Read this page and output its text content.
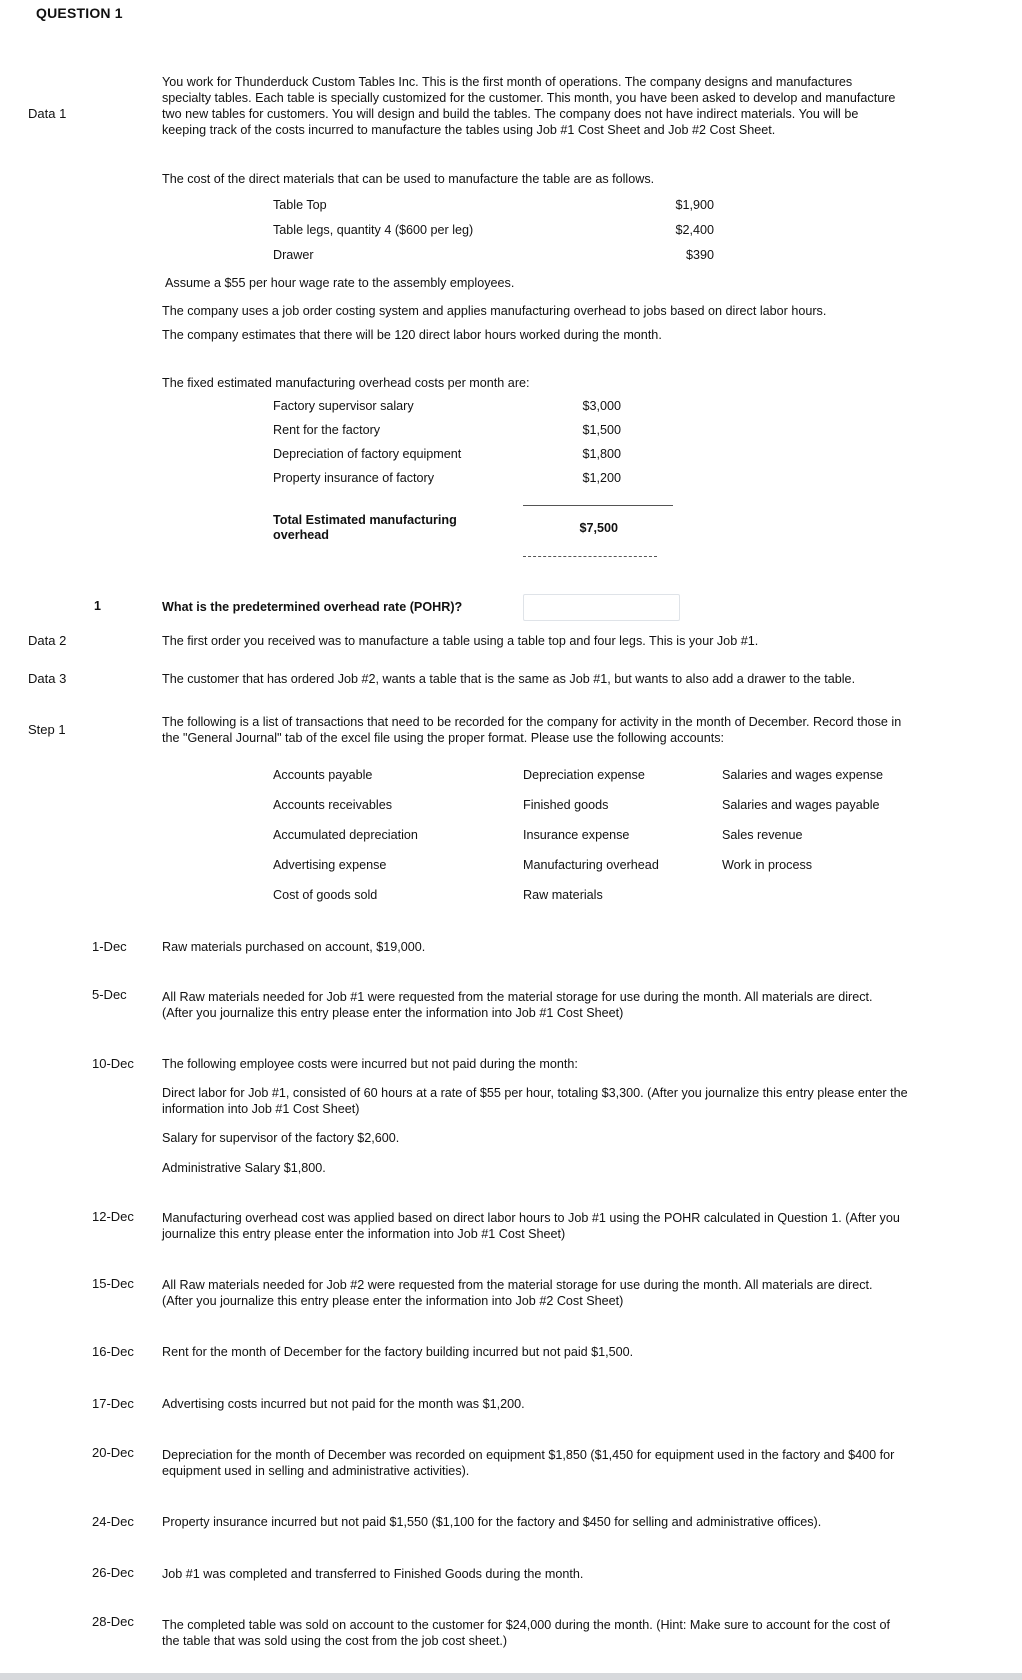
QUESTION 1
Data 1
You work for Thunderduck Custom Tables Inc. This is the first month of operations. The company designs and manufactures specialty tables. Each table is specially customized for the customer. This month, you have been asked to develop and manufacture two new tables for customers. You will design and build the tables. The company does not have indirect materials. You will be keeping track of the costs incurred to manufacture the tables using Job #1 Cost Sheet and Job #2 Cost Sheet.
The cost of the direct materials that can be used to manufacture the table are as follows.
Table Top	$1,900
Table legs, quantity 4 ($600 per leg)	$2,400
Drawer	$390
Assume a $55 per hour wage rate to the assembly employees.
The company uses a job order costing system and applies manufacturing overhead to jobs based on direct labor hours.
The company estimates that there will be 120 direct labor hours worked during the month.
The fixed estimated manufacturing overhead costs per month are:
Factory supervisor salary	$3,000
Rent for the factory	$1,500
Depreciation of factory equipment	$1,800
Property insurance of factory	$1,200
Total Estimated manufacturing overhead	$7,500
1	What is the predetermined overhead rate (POHR)?
Data 2	The first order you received was to manufacture a table using a table top and four legs. This is your Job #1.
Data 3	The customer that has ordered Job #2, wants a table that is the same as Job #1, but wants to also add a drawer to the table.
Step 1	The following is a list of transactions that need to be recorded for the company for activity in the month of December. Record those in the "General Journal" tab of the excel file using the proper format. Please use the following accounts:
Accounts payable
Accounts receivables
Accumulated depreciation
Advertising expense
Cost of goods sold
Depreciation expense
Finished goods
Insurance expense
Manufacturing overhead
Raw materials
Salaries and wages expense
Salaries and wages payable
Sales revenue
Work in process
1-Dec	Raw materials purchased on account, $19,000.
5-Dec	All Raw materials needed for Job #1 were requested from the material storage for use during the month. All materials are direct. (After you journalize this entry please enter the information into Job #1 Cost Sheet)
10-Dec The following employee costs were incurred but not paid during the month:
Direct labor for Job #1, consisted of 60 hours at a rate of $55 per hour, totaling $3,300. (After you journalize this entry please enter the information into Job #1 Cost Sheet)
Salary for supervisor of the factory $2,600.
Administrative Salary $1,800.
12-Dec Manufacturing overhead cost was applied based on direct labor hours to Job #1 using the POHR calculated in Question 1. (After you journalize this entry please enter the information into Job #1 Cost Sheet)
15-Dec All Raw materials needed for Job #2 were requested from the material storage for use during the month. All materials are direct. (After you journalize this entry please enter the information into Job #2 Cost Sheet)
16-Dec Rent for the month of December for the factory building incurred but not paid $1,500.
17-Dec Advertising costs incurred but not paid for the month was $1,200.
20-Dec Depreciation for the month of December was recorded on equipment $1,850 ($1,450 for equipment used in the factory and $400 for equipment used in selling and administrative activities).
24-Dec Property insurance incurred but not paid $1,550 ($1,100 for the factory and $450 for selling and administrative offices).
26-Dec Job #1 was completed and transferred to Finished Goods during the month.
28-Dec The completed table was sold on account to the customer for $24,000 during the month. (Hint: Make sure to account for the cost of the table that was sold using the cost from the job cost sheet.)
